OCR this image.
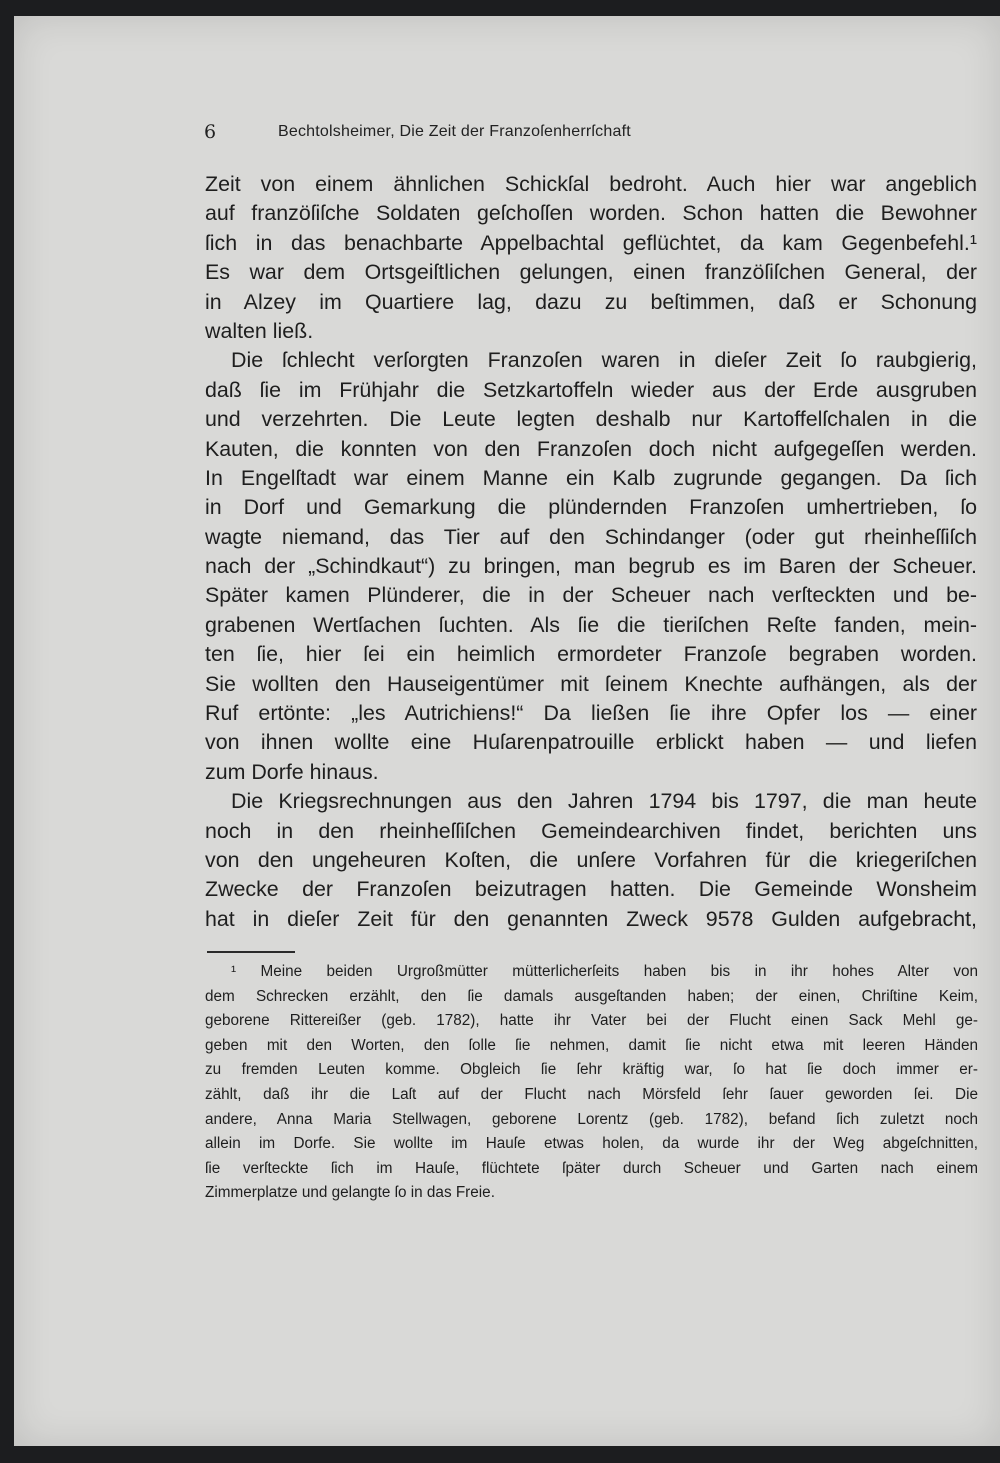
6	Bechtolsheimer, Die Zeit der Franzoſenherrſchaft
Zeit von einem ähnlichen Schickſal bedroht. Auch hier war angeblich
auf franzöſiſche Soldaten geſchoſſen worden. Schon hatten die Bewohner
ſich in das benachbarte Appelbachtal geflüchtet, da kam Gegenbefehl.¹
Es war dem Ortsgeiſtlichen gelungen, einen franzöſiſchen General, der
in Alzey im Quartiere lag, dazu zu beſtimmen, daß er Schonung
walten ließ.
Die ſchlecht verſorgten Franzoſen waren in dieſer Zeit ſo raubgierig,
daß ſie im Frühjahr die Setzkartoffeln wieder aus der Erde ausgruben
und verzehrten. Die Leute legten deshalb nur Kartoffelſchalen in die
Kauten, die konnten von den Franzoſen doch nicht aufgegeſſen werden.
In Engelſtadt war einem Manne ein Kalb zugrunde gegangen. Da ſich
in Dorf und Gemarkung die plündernden Franzoſen umhertrieben, ſo
wagte niemand, das Tier auf den Schindanger (oder gut rheinheſſiſch
nach der „Schindkaut“) zu bringen, man begrub es im Baren der Scheuer.
Später kamen Plünderer, die in der Scheuer nach verſteckten und be-
grabenen Wertſachen ſuchten. Als ſie die tieriſchen Reſte fanden, mein-
ten ſie, hier ſei ein heimlich ermordeter Franzoſe begraben worden.
Sie wollten den Hauseigentümer mit ſeinem Knechte aufhängen, als der
Ruf ertönte: „les Autrichiens!“ Da ließen ſie ihre Opfer los — einer
von ihnen wollte eine Huſarenpatrouille erblickt haben — und liefen
zum Dorfe hinaus.
Die Kriegsrechnungen aus den Jahren 1794 bis 1797, die man heute
noch in den rheinheſſiſchen Gemeindearchiven findet, berichten uns
von den ungeheuren Koſten, die unſere Vorfahren für die kriegeriſchen
Zwecke der Franzoſen beizutragen hatten. Die Gemeinde Wonsheim
hat in dieſer Zeit für den genannten Zweck 9578 Gulden aufgebracht,
¹ Meine beiden Urgroßmütter mütterlicherſeits haben bis in ihr hohes Alter von
dem Schrecken erzählt, den ſie damals ausgeſtanden haben; der einen, Chriſtine Keim,
geborene Rittereißer (geb. 1782), hatte ihr Vater bei der Flucht einen Sack Mehl ge-
geben mit den Worten, den ſolle ſie nehmen, damit ſie nicht etwa mit leeren Händen
zu fremden Leuten komme. Obgleich ſie ſehr kräftig war, ſo hat ſie doch immer er-
zählt, daß ihr die Laſt auf der Flucht nach Mörsfeld ſehr ſauer geworden ſei. Die
andere, Anna Maria Stellwagen, geborene Lorentz (geb. 1782), befand ſich zuletzt noch
allein im Dorfe. Sie wollte im Hauſe etwas holen, da wurde ihr der Weg abgeſchnitten,
ſie verſteckte ſich im Hauſe, flüchtete ſpäter durch Scheuer und Garten nach einem
Zimmerplatze und gelangte ſo in das Freie.
